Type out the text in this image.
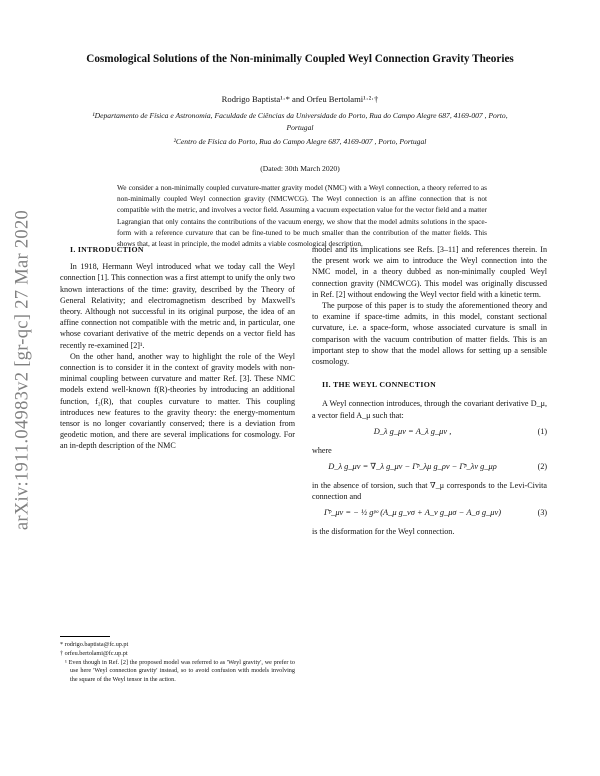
arXiv:1911.04983v2 [gr-qc] 27 Mar 2020
Cosmological Solutions of the Non-minimally Coupled Weyl Connection Gravity Theories
Rodrigo Baptista¹·* and Orfeu Bertolami¹·²·†
¹Departamento de Física e Astronomia, Faculdade de Ciências da Universidade do Porto, Rua do Campo Alegre 687, 4169-007 , Porto, Portugal
²Centro de Física do Porto, Rua do Campo Alegre 687, 4169-007 , Porto, Portugal
(Dated: 30th March 2020)
We consider a non-minimally coupled curvature-matter gravity model (NMC) with a Weyl connection, a theory referred to as non-minimally coupled Weyl connection gravity (NMCWCG). The Weyl connection is an affine connection that is not compatible with the metric, and involves a vector field. Assuming a vacuum expectation value for the vector field and a matter Lagrangian that only contains the contributions of the vacuum energy, we show that the model admits solutions in the space-form with a reference curvature that can be fine-tuned to be much smaller than the contribution of the matter fields. This shows that, at least in principle, the model admits a viable cosmological description.

I. INTRODUCTION

In 1918, Hermann Weyl introduced what we today call the Weyl connection [1]. This connection was a first attempt to unify the only two known interactions of the time: gravity, described by the Theory of General Relativity; and electromagnetism described by Maxwell's theory. Although not successful in its original purpose, the idea of an affine connection not compatible with the metric and, in particular, one whose covariant derivative of the metric depends on a vector field has recently re-examined [2]¹.

On the other hand, another way to highlight the role of the Weyl connection is to consider it in the context of gravity models with non-minimal coupling between curvature and matter Ref. [3]. These NMC models extend well-known f(R)-theories by introducing an additional function, f₂(R), that couples curvature to matter. This coupling introduces new features to the gravity theory: the energy-momentum tensor is no longer covariantly conserved; there is a deviation from geodetic motion, and there are several implications for cosmology. For an in-depth description of the NMC

model and its implications see Refs. [3–11] and references therein. In the present work we aim to introduce the Weyl connection into the NMC model, in a theory dubbed as non-minimally coupled Weyl connection gravity (NMCWCG). This model was originally discussed in Ref. [2] without endowing the Weyl vector field with a kinetic term.

The purpose of this paper is to study the aforementioned theory and to examine if space-time admits, in this model, constant sectional curvature, i.e. a space-form, whose associated curvature is small in comparison with the vacuum contribution of matter fields. This is an important step to show that the model allows for setting up a sensible cosmology.

II. THE WEYL CONNECTION

A Weyl connection introduces, through the covariant derivative D_μ, a vector field A_μ such that:

D_λ g_μν = A_λ g_μν ,	(1)

where

D_λ g_μν = ∇_λ g_μν − Γ̄ᵖ_λμ g_ρν − Γ̄ᵖ_λν g_μρ	(2)

in the absence of torsion, such that ∇_μ corresponds to the Levi-Civita connection and

Γ̄ᵖ_μν = − ½ gᵖᵒ (A_μ g_νσ + A_ν g_μσ − A_σ g_μν)	(3)

is the disformation for the Weyl connection.

* rodrigo.baptista@fc.up.pt

† orfeu.bertolami@fc.up.pt

¹ Even though in Ref. [2] the proposed model was referred to as 'Weyl gravity', we prefer to use here 'Weyl connection gravity' instead, so to avoid confusion with models involving the square of the Weyl tensor in the action.
